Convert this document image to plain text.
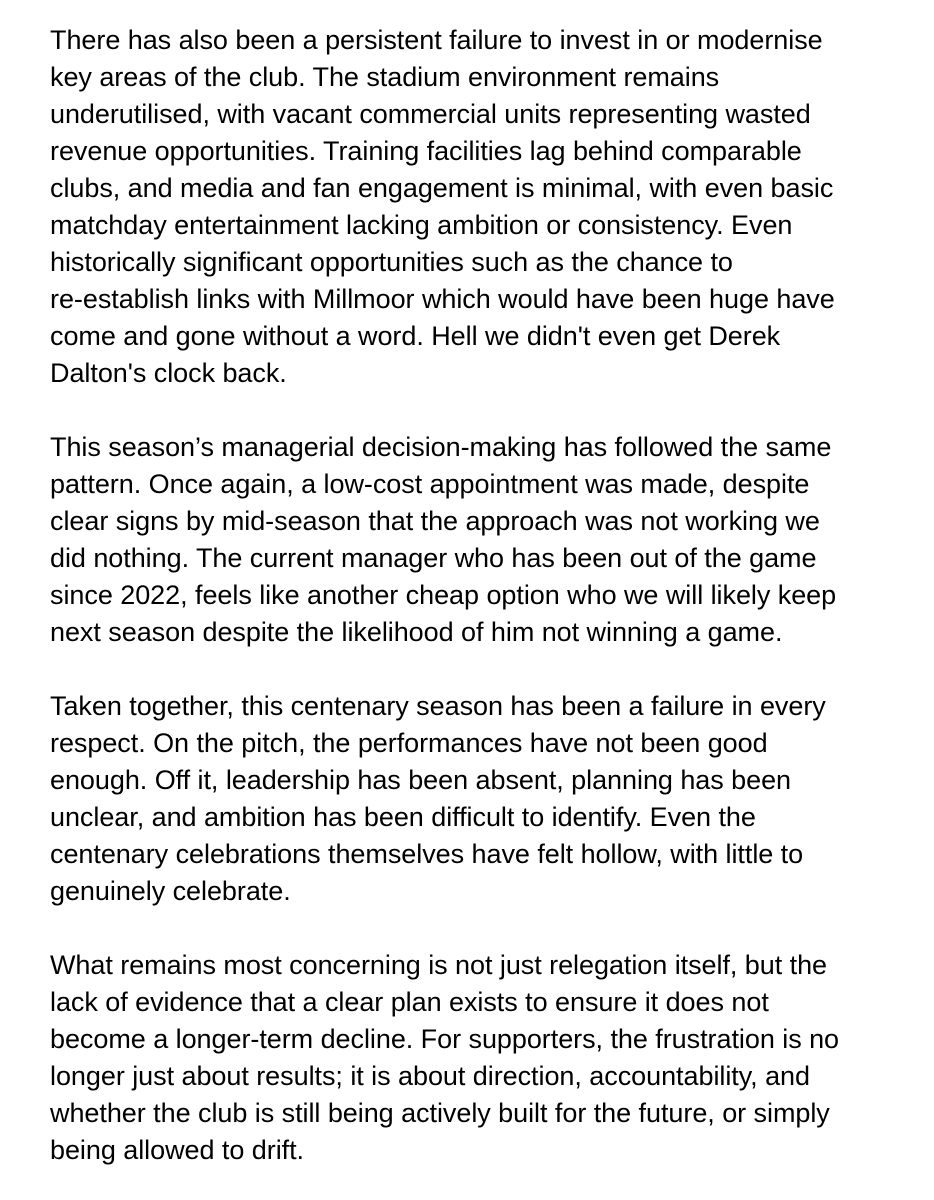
There has also been a persistent failure to invest in or modernise
key areas of the club. The stadium environment remains
underutilised, with vacant commercial units representing wasted
revenue opportunities. Training facilities lag behind comparable
clubs, and media and fan engagement is minimal, with even basic
matchday entertainment lacking ambition or consistency. Even
historically significant opportunities such as the chance to
re-establish links with Millmoor which would have been huge have
come and gone without a word. Hell we didn't even get Derek
Dalton's clock back.

This season’s managerial decision-making has followed the same
pattern. Once again, a low-cost appointment was made, despite
clear signs by mid-season that the approach was not working we
did nothing. The current manager who has been out of the game
since 2022, feels like another cheap option who we will likely keep
next season despite the likelihood of him not winning a game.

Taken together, this centenary season has been a failure in every
respect. On the pitch, the performances have not been good
enough. Off it, leadership has been absent, planning has been
unclear, and ambition has been difficult to identify. Even the
centenary celebrations themselves have felt hollow, with little to
genuinely celebrate.

What remains most concerning is not just relegation itself, but the
lack of evidence that a clear plan exists to ensure it does not
become a longer-term decline. For supporters, the frustration is no
longer just about results; it is about direction, accountability, and
whether the club is still being actively built for the future, or simply
being allowed to drift.
